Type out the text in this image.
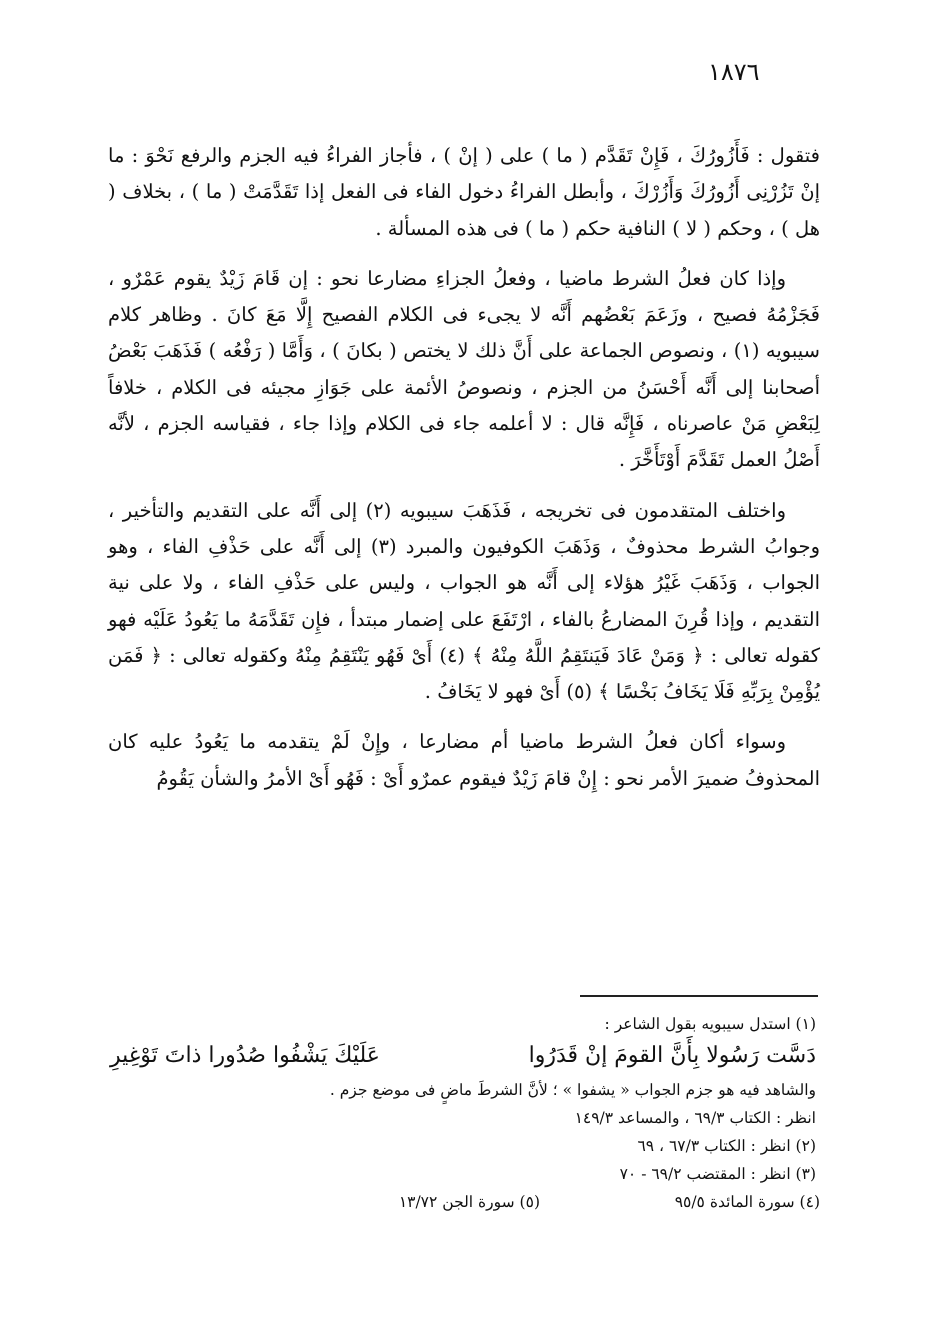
١٨٧٦

فتقول : فَأَزُورُكَ ، فَإِنْ تَقَدَّم ( ما ) على ( إنْ ) ، فأجاز الفراءُ فيه الجزم والرفع نَحْوَ : ما إنْ تَزُرْنِى أَزُورُكَ وَأَزُرْكَ ، وأبطل الفراءُ دخول الفاء فى الفعل إذا تَقَدَّمَتْ ( ما ) ، بخلاف ( هل ) ، وحكم ( لا ) النافية حكم ( ما ) فى هذه المسألة .

وإذا كان فعلُ الشرط ماضيا ، وفعلُ الجزاءِ مضارعا نحو : إن قَامَ زَيْدٌ يقوم عَمْرٌو ، فَجَزْمُهُ فصيح ، وزَعَمَ بَعْضُهم أَنَّه لا يجىء فى الكلام الفصيح إِلَّا مَعَ كانَ . وظاهر كلام سيبويه (١) ، ونصوص الجماعة على أَنَّ ذلك لا يختص ( بكانَ ) ، وَأَمَّا ( رَفْعُه ) فَذَهَبَ بَعْضُ أصحابنا إلى أَنَّه أَحْسَنُ من الجزم ، ونصوصُ الأئمة على جَوَازِ مجيئه فى الكلام ، خلافاً لِبَعْضِ مَنْ عاصرناه ، فَإِنَّه قال : لا أعلمه جاء فى الكلام وإذا جاء ، فقياسه الجزم ، لأنَّه أَصْلُ العمل تَقَدَّمَ أَوْتَأَخَّرَ .

واختلف المتقدمون فى تخريجه ، فَذَهَبَ سيبويه (٢) إلى أَنَّه على التقديم والتأخير ، وجوابُ الشرط محذوفٌ ، وَذَهَبَ الكوفيون والمبرد (٣) إلى أَنَّه على حَذْفِ الفاء ، وهو الجواب ، وَذَهَبَ غَيْرُ هؤلاء إلى أَنَّه هو الجواب ، وليس على حَذْفِ الفاء ، ولا على نية التقديم ، وإذا قُرِنَ المضارعُ بالفاء ، ارْتَفَعَ على إضمار مبتدأ ، فإِن تَقَدَّمَهُ ما يَعُودُ عَلَيْه فهو كقوله تعالى : ﴿ وَمَنْ عَادَ فَيَنتَقِمُ اللَّهُ مِنْهُ ﴾ (٤) أَىْ فَهُو يَنْتَقِمُ مِنْهُ وكقوله تعالى : ﴿ فَمَن يُؤْمِنْ بِرَبِّهِ فَلَا يَخَافُ بَخْسًا ﴾ (٥) أَىْ فهو لا يَخَافُ .

وسواء أكان فعلُ الشرط ماضيا أم مضارعا ، وإِنْ لَمْ يتقدمه ما يَعُودُ عليه كان المحذوفُ ضميرَ الأمر نحو : إِنْ قامَ زَيْدٌ فيقوم عمرٌو أَىْ : فَهُو أَىْ الأمرُ والشأن يَقُومُ

(١) استدل سيبويه بقول الشاعر :
دَسَّت رَسُولا بِأَنَّ القومَ إنْ قَدَرُوا
عَلَيْكَ يَشْفُوا صُدُورا ذاتَ تَوْغِيرِ
والشاهد فيه هو جزم الجواب « يشفوا » ؛ لأنَّ الشرطَ ماضٍ فى موضع جزم .
انظر : الكتاب ٦٩/٣ ، والمساعد ١٤٩/٣
(٢) انظر : الكتاب ٦٧/٣ ، ٦٩
(٣) انظر : المقتضب ٦٩/٢ - ٧٠
(٤) سورة المائدة ٩٥/٥
(٥) سورة الجن ١٣/٧٢
